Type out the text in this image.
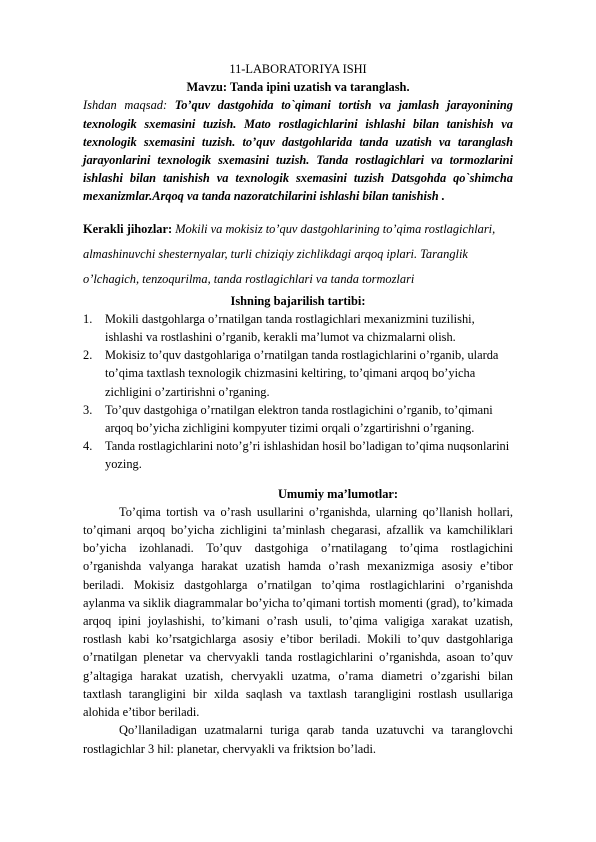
11-LABORATORIYA ISHI

Mavzu: Tanda ipini uzatish va taranglash.

Ishdan maqsad: To’quv dastgohida to`qimani tortish va jamlash jarayonining texnologik sxemasini tuzish. Mato rostlagichlarini ishlashi bilan tanishish va texnologik sxemasini tuzish. to’quv dastgohlarida tanda uzatish va taranglash jarayonlarini texnologik sxemasini tuzish. Tanda rostlagichlari va tormozlarini ishlashi bilan tanishish va texnologik sxemasini tuzish Datsgohda qo`shimcha mexanizmlar.Arqoq va tanda nazoratchilarini ishlashi bilan tanishish .

Kerakli jihozlar: Mokili va mokisiz to’quv dastgohlarining to’qima rostlagichlari,
almashinuvchi shesternyalar, turli chiziqiy zichlikdagi arqoq iplari. Taranglik
o’lchagich, tenzoqurilma, tanda rostlagichlari va tanda tormozlari

Ishning bajarilish tartibi:

1. Mokili dastgohlarga o’rnatilgan tanda rostlagichlari mexanizmini tuzilishi, ishlashi va rostlashini o’rganib, kerakli ma’lumot va chizmalarni olish.
2. Mokisiz to’quv dastgohlariga o’rnatilgan tanda rostlagichlarini o’rganib, ularda to’qima taxtlash texnologik chizmasini keltiring, to’qimani arqoq bo’yicha zichligini o’zartirishni o’rganing.
3. To’quv dastgohiga o’rnatilgan elektron tanda rostlagichini o’rganib, to’qimani arqoq bo’yicha zichligini kompyuter tizimi orqali o’zgartirishni o’rganing.
4. Tanda rostlagichlarini noto’g’ri ishlashidan hosil bo’ladigan to’qima nuqsonlarini yozing.

Umumiy ma’lumotlar:

To’qima tortish va o’rash usullarini o’rganishda, ularning qo’llanish hollari, to’qimani arqoq bo’yicha zichligini ta’minlash chegarasi, afzallik va kamchiliklari bo’yicha izohlanadi. To’quv dastgohiga o’rnatilagang to’qima rostlagichini o’rganishda valyanga harakat uzatish hamda o’rash mexanizmiga asosiy e’tibor beriladi. Mokisiz dastgohlarga o’rnatilgan to’qima rostlagichlarini o’rganishda aylanma va siklik diagrammalar bo’yicha to’qimani tortish momenti (grad), to’kimada arqoq ipini joylashishi, to’kimani o’rash usuli, to’qima valigiga xarakat uzatish, rostlash kabi ko’rsatgichlarga asosiy e’tibor beriladi. Mokili to’quv dastgohlariga o’rnatilgan plenetar va chervyakli tanda rostlagichlarini o’rganishda, asoan to’quv g’altagiga harakat uzatish, chervyakli uzatma, o’rama diametri o’zgarishi bilan taxtlash tarangligini bir xilda saqlash va taxtlash tarangligini rostlash usullariga alohida e’tibor beriladi.

Qo’llaniladigan uzatmalarni turiga qarab tanda uzatuvchi va taranglovchi rostlagichlar 3 hil: planetar, chervyakli va friktsion bo’ladi.
